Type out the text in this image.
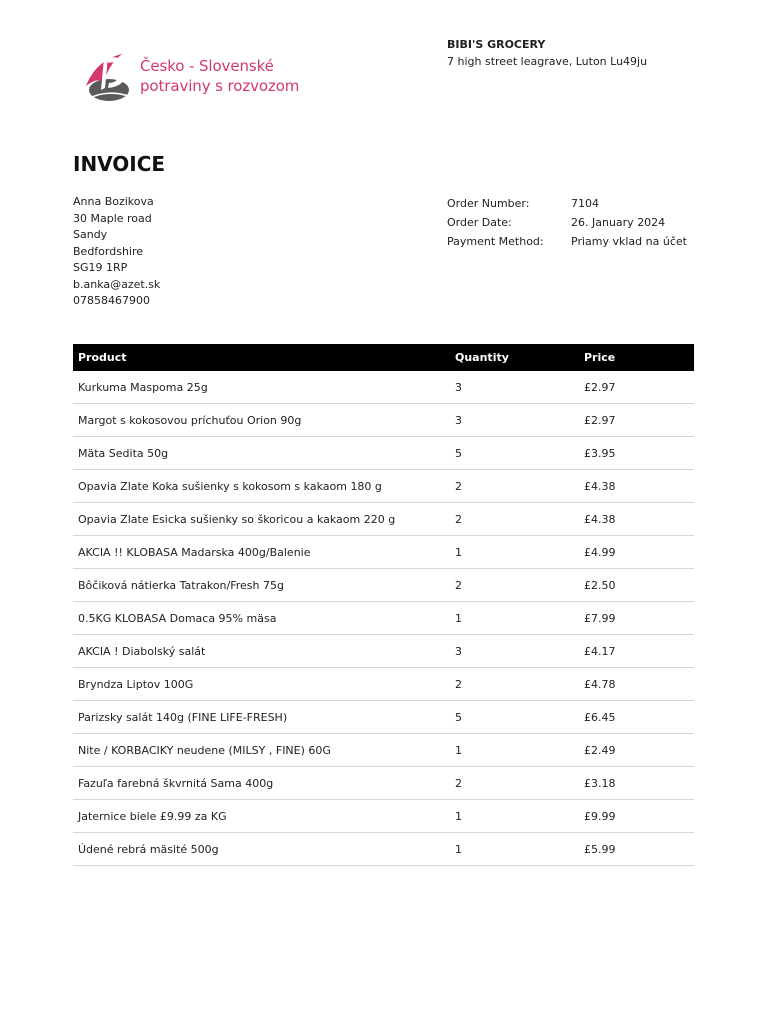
Česko - Slovenské
potraviny s rozvozom
BIBI'S GROCERY
7 high street leagrave, Luton Lu49ju
INVOICE
Anna Bozikova
30 Maple road
Sandy
Bedfordshire
SG19 1RP
b.anka@azet.sk
07858467900
Order Number:	7104
Order Date:	26. January 2024
Payment Method:	Priamy vklad na účet
Product	Quantity	Price
Kurkuma Maspoma 25g	3	£2.97
Margot s kokosovou príchuťou Orion 90g	3	£2.97
Mäta Sedita 50g	5	£3.95
Opavia Zlate Koka sušienky s kokosom s kakaom 180 g	2	£4.38
Opavia Zlate Esicka sušienky so škoricou a kakaom 220 g	2	£4.38
AKCIA !! KLOBASA Madarska 400g/Balenie	1	£4.99
Bôčiková nátierka Tatrakon/Fresh 75g	2	£2.50
0.5KG KLOBASA Domaca 95% mäsa	1	£7.99
AKCIA ! Diabolský salát	3	£4.17
Bryndza Liptov 100G	2	£4.78
Parizsky salát 140g (FINE LIFE-FRESH)	5	£6.45
Nite / KORBACIKY neudene (MILSY , FINE) 60G	1	£2.49
Fazuľa farebná škvrnitá Sama 400g	2	£3.18
Jaternice biele £9.99 za KG	1	£9.99
Údené rebrá mäsité 500g	1	£5.99
